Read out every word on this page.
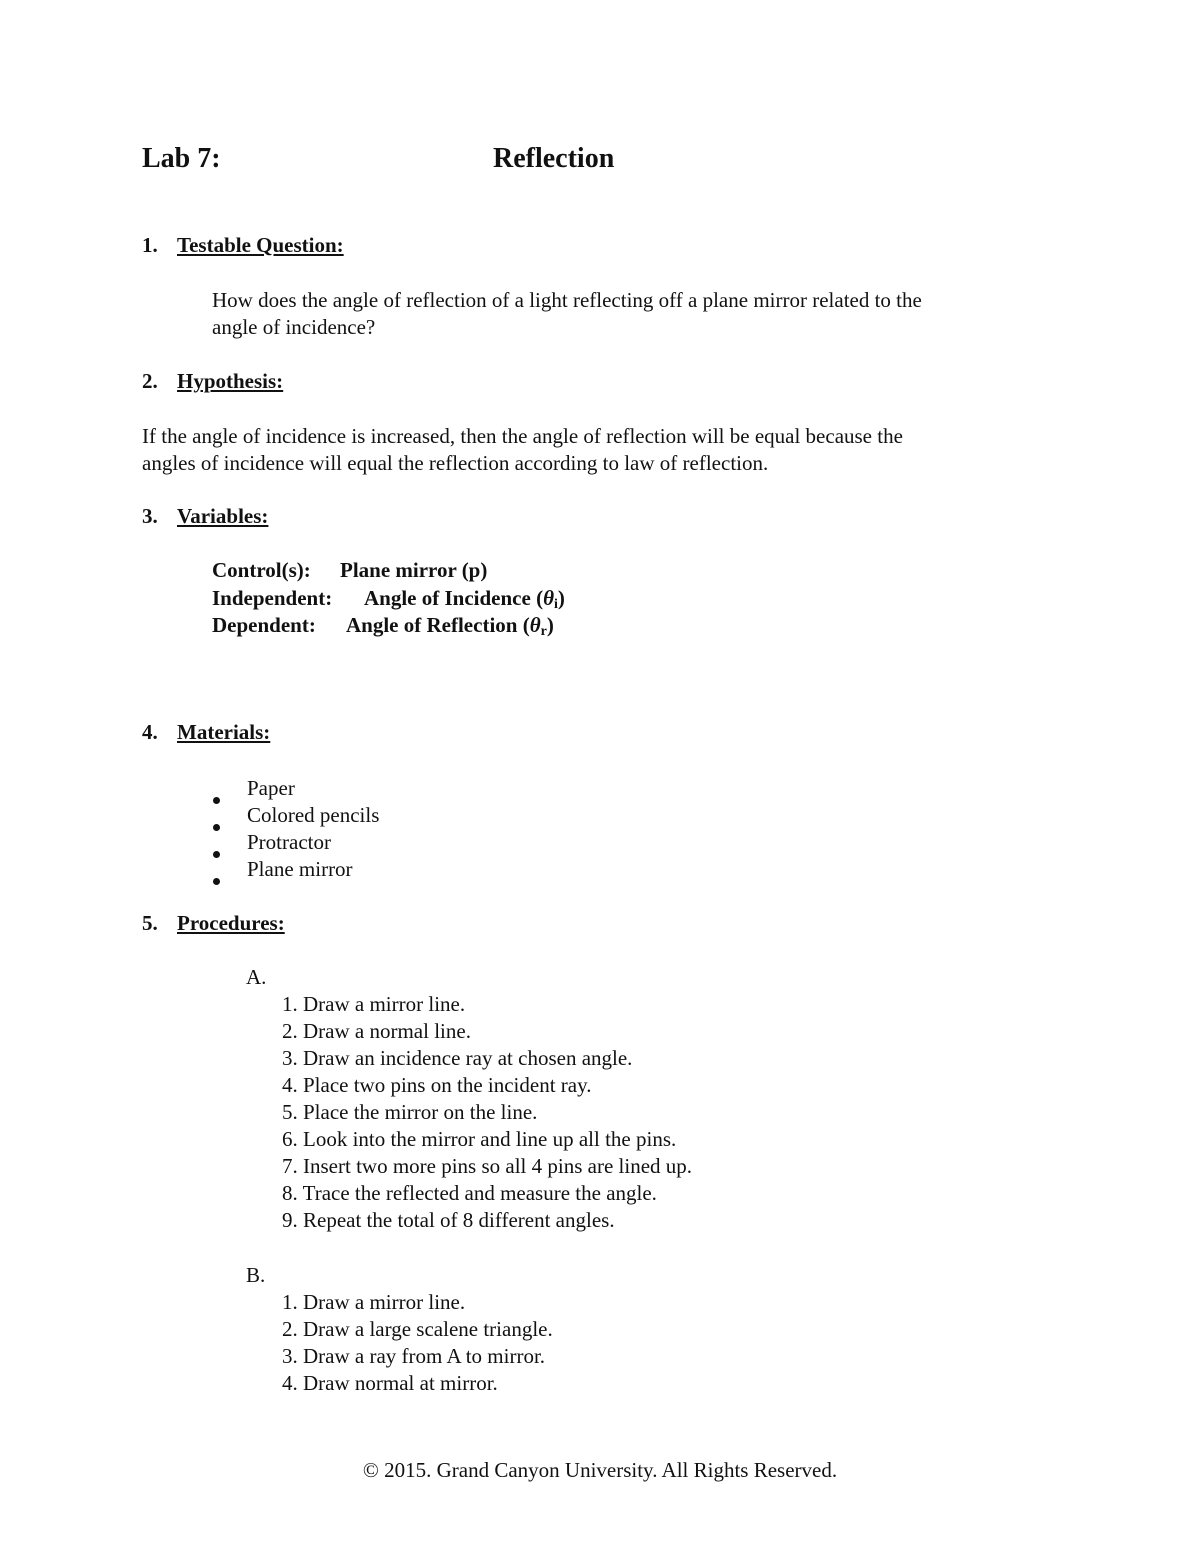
Lab 7:	Reflection
1. Testable Question:
How does the angle of reflection of a light reflecting off a plane mirror related to the
angle of incidence?
2. Hypothesis:
If the angle of incidence is increased, then the angle of reflection will be equal because the
angles of incidence will equal the reflection according to law of reflection.
3. Variables:
Control(s): Plane mirror (p)
Independent: Angle of Incidence $(\theta_i)$
Dependent: Angle of Reflection $(\theta_r)$
4. Materials:
Paper
Colored pencils
Protractor
Plane mirror
5. Procedures:
A.
1. Draw a mirror line.
2. Draw a normal line.
3. Draw an incidence ray at chosen angle.
4. Place two pins on the incident ray.
5. Place the mirror on the line.
6. Look into the mirror and line up all the pins.
7. Insert two more pins so all 4 pins are lined up.
8. Trace the reflected and measure the angle.
9. Repeat the total of 8 different angles.
B.
1. Draw a mirror line.
2. Draw a large scalene triangle.
3. Draw a ray from A to mirror.
4. Draw normal at mirror.
© 2015. Grand Canyon University. All Rights Reserved.
